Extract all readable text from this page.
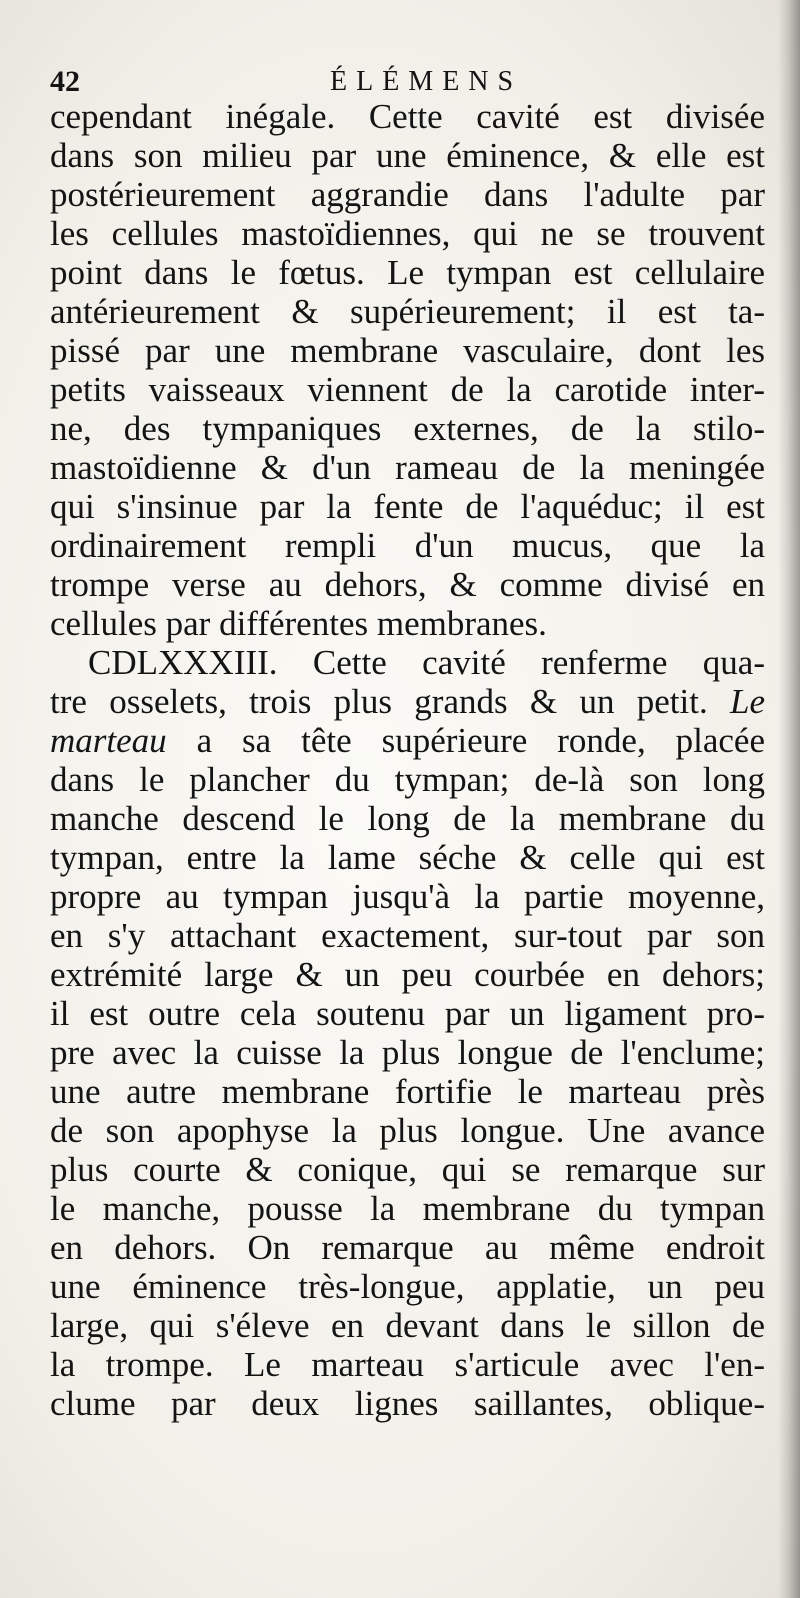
42	ÉLÉMENS
cependant inégale. Cette cavité est divisée
dans son milieu par une éminence, & elle est
postérieurement aggrandie dans l'adulte par
les cellules mastoïdiennes, qui ne se trouvent
point dans le fœtus. Le tympan est cellulaire
antérieurement & supérieurement; il est ta-
pissé par une membrane vasculaire, dont les
petits vaisseaux viennent de la carotide inter-
ne, des tympaniques externes, de la stilo-
mastoïdienne & d'un rameau de la meningée
qui s'insinue par la fente de l'aquéduc; il est
ordinairement rempli d'un mucus, que la
trompe verse au dehors, & comme divisé en
cellules par différentes membranes.
CDLXXXIII. Cette cavité renferme qua-
tre osselets, trois plus grands & un petit. Le
marteau a sa tête supérieure ronde, placée
dans le plancher du tympan; de-là son long
manche descend le long de la membrane du
tympan, entre la lame séche & celle qui est
propre au tympan jusqu'à la partie moyenne,
en s'y attachant exactement, sur-tout par son
extrémité large & un peu courbée en dehors;
il est outre cela soutenu par un ligament pro-
pre avec la cuisse la plus longue de l'enclume;
une autre membrane fortifie le marteau près
de son apophyse la plus longue. Une avance
plus courte & conique, qui se remarque sur
le manche, pousse la membrane du tympan
en dehors. On remarque au même endroit
une éminence très-longue, applatie, un peu
large, qui s'éleve en devant dans le sillon de
la trompe. Le marteau s'articule avec l'en-
clume par deux lignes saillantes, oblique-
